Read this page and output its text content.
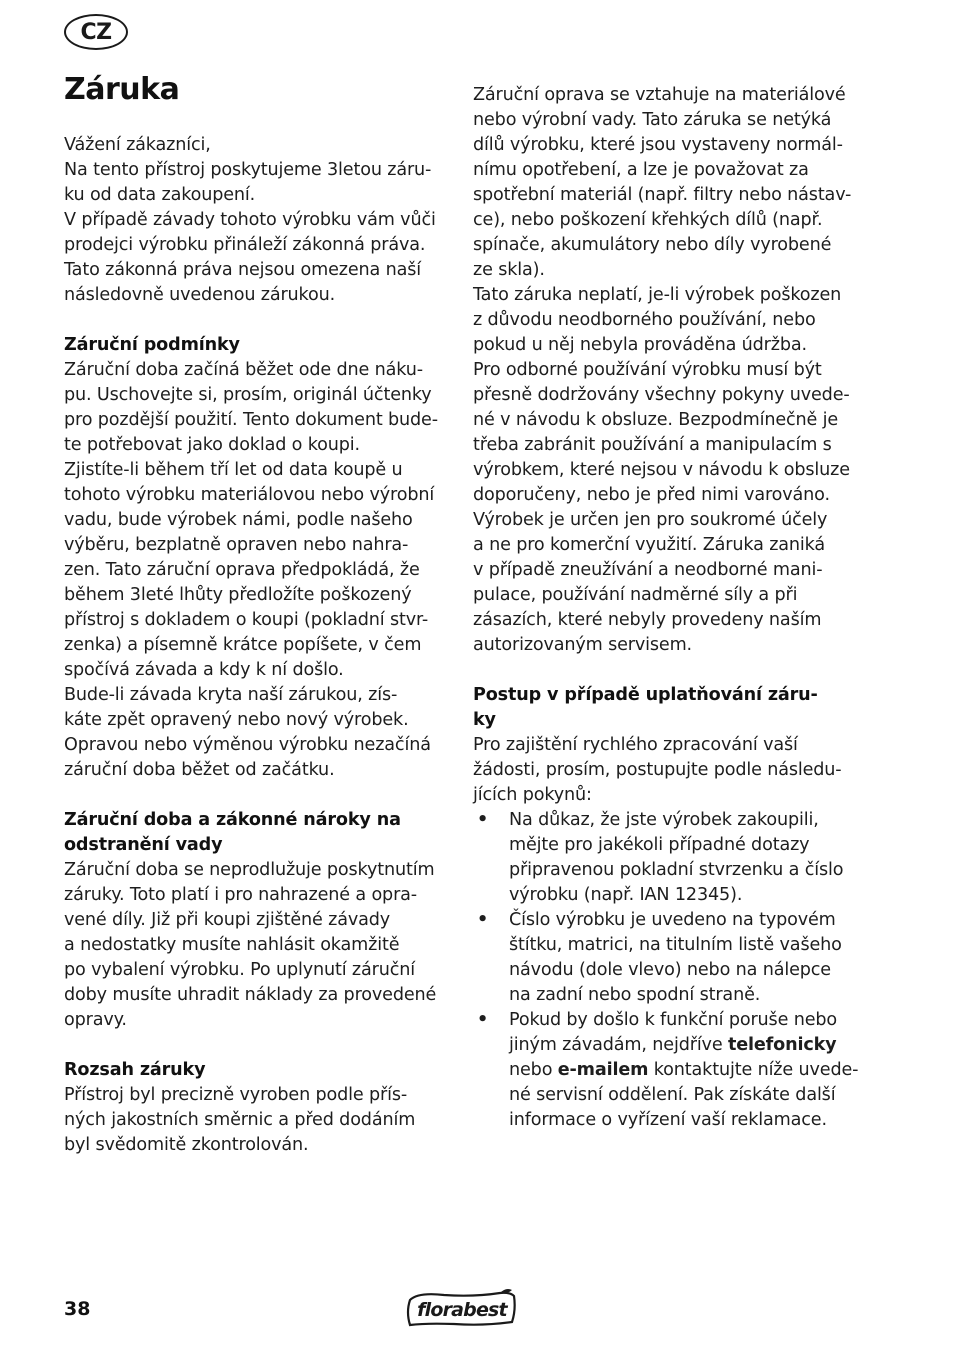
CZ
Záruka

Vážení zákazníci,

Na tento přístroj poskytujeme 3letou záru-

ku od data zakoupení.

V případě závady tohoto výrobku vám vůči

prodejci výrobku přináleží zákonná práva.

Tato zákonná práva nejsou omezena naší

následovně uvedenou zárukou.

Záruční podmínky

Záruční doba začíná běžet ode dne náku-

pu. Uschovejte si, prosím, originál účtenky

pro pozdější použití. Tento dokument bude-

te potřebovat jako doklad o koupi.

Zjistíte-li během tří let od data koupě u

tohoto výrobku materiálovou nebo výrobní

vadu, bude výrobek námi, podle našeho

výběru, bezplatně opraven nebo nahra-

zen. Tato záruční oprava předpokládá, že

během 3leté lhůty předložíte poškozený

přístroj s dokladem o koupi (pokladní stvr-

zenka) a písemně krátce popíšete, v čem

spočívá závada a kdy k ní došlo.

Bude-li závada kryta naší zárukou, zís-

káte zpět opravený nebo nový výrobek.

Opravou nebo výměnou výrobku nezačíná

záruční doba běžet od začátku.

Záruční doba a zákonné nároky na
odstranění vady

Záruční doba se neprodlužuje poskytnutím

záruky. Toto platí i pro nahrazené a opra-

vené díly. Již při koupi zjištěné závady

a nedostatky musíte nahlásit okamžitě

po vybalení výrobku. Po uplynutí záruční

doby musíte uhradit náklady za provedené

opravy.

Rozsah záruky

Přístroj byl precizně vyroben podle přís-

ných jakostních směrnic a před dodáním

byl svědomitě zkontrolován.

Záruční oprava se vztahuje na materiálové

nebo výrobní vady. Tato záruka se netýká

dílů výrobku, které jsou vystaveny normál-

nímu opotřebení, a lze je považovat za

spotřební materiál (např. filtry nebo nástav-

ce), nebo poškození křehkých dílů (např.

spínače, akumulátory nebo díly vyrobené

ze skla).

Tato záruka neplatí, je-li výrobek poškozen

z důvodu neodborného používání, nebo

pokud u něj nebyla prováděna údržba.

Pro odborné používání výrobku musí být

přesně dodržovány všechny pokyny uvede-

né v návodu k obsluze. Bezpodmínečně je

třeba zabránit používání a manipulacím s

výrobkem, které nejsou v návodu k obsluze

doporučeny, nebo je před nimi varováno.

Výrobek je určen jen pro soukromé účely

a ne pro komerční využití. Záruka zaniká

v případě zneužívání a neodborné mani-

pulace, používání nadměrné síly a při

zásazích, které nebyly provedeny naším

autorizovaným servisem.

Postup v případě uplatňování záru-
ky

Pro zajištění rychlého zpracování vaší

žádosti, prosím, postupujte podle následu-

jících pokynů:

• Na důkaz, že jste výrobek zakoupili,

mějte pro jakékoli případné dotazy

připravenou pokladní stvrzenku a číslo

výrobku (např. IAN 12345).

• Číslo výrobku je uvedeno na typovém

štítku, matrici, na titulním listě vašeho

návodu (dole vlevo) nebo na nálepce

na zadní nebo spodní straně.

• Pokud by došlo k funkční poruše nebo

jiným závadám, nejdříve telefonicky

nebo e-mailem kontaktujte níže uvede-

né servisní oddělení. Pak získáte další

informace o vyřízení vaší reklamace.

38	florabest
